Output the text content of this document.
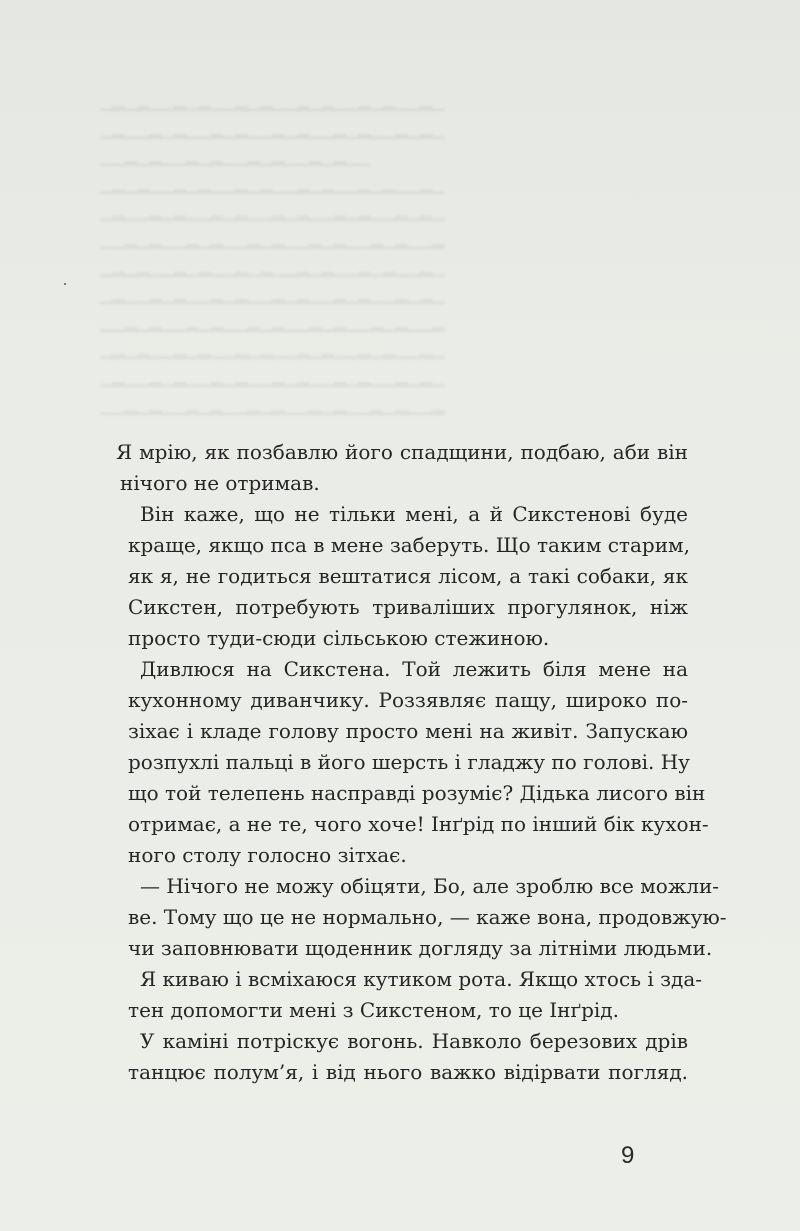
▁▂▁▂▁▁▂▁▂▁▁▂▁▂▁▁▂▁▂▁▁▂▁▂▁▁▂▁
▁▂▁▁▂▁▂▁▁▂▁▂▁▁▂▁▂▁▁▂▁▂▁▁▂▁▂▁
▁▁▂▁▂▁▁▂▁▂▁▁▂▁▂▁▁▂▁▂▁▁
▁▂▁▂▁▁▂▁▂▁▁▂▁▂▁▁▂▁▂▁▁▂▁▂▁▁▂▁
▁▂▁▁▂▁▂▁▁▂▁▂▁▁▂▁▂▁▁▂▁▂▁▁▂▁▂▁
▁▁▂▁▂▁▁▂▁▂▁▁▂▁▂▁▁▂▁▂▁▁▂▁▂▁▁▂
▁▂▁▂▁▁▂▁▂▁▁▂▁▂▁▁▂▁▂▁▁▂▁▂▁▁▂▁
▁▂▁▁▂▁▂▁▁▂▁▂▁▁▂▁▂▁▁▂▁▂▁▁▂▁▂▁
▁▁▂▁▂▁▁▂▁▂▁▁▂▁▂▁▁▂▁▂▁▁▂▁▂▁▁▂
▁▂▁▂▁▁▂▁▂▁▁▂▁▂▁▁▂▁▂▁▁▂▁▂▁▁▂▁
▁▂▁▁▂▁▂▁▁▂▁▂▁▁▂▁▂▁▁▂▁▂▁▁▂▁▂▁
▁▁▂▁▂▁▁▂▁▂▁▁▂▁▂▁▁▂▁▂▁▁▂▁▂▁▁▂

Я мрію, як позбавлю його спадщини, подбаю, аби він
нічого не отримав.

Він каже, що не тільки мені, а й Сикстенові буде
краще, якщо пса в мене заберуть. Що таким старим,
як я, не годиться вештатися лісом, а такі собаки, як
Сикстен, потребують триваліших прогулянок, ніж
просто туди-сюди сільською стежиною.

Дивлюся на Сикстена. Той лежить біля мене на
кухонному диванчику. Роззявляє пащу, широко по-
зіхає і кладе голову просто мені на живіт. Запускаю
розпухлі пальці в його шерсть і гладжу по голові. Ну
що той телепень насправді розуміє? Дідька лисого він
отримає, а не те, чого хоче! Інґрід по інший бік кухон-
ного столу голосно зітхає.

— Нічого не можу обіцяти, Бо, але зроблю все можли-
ве. Тому що це не нормально, — каже вона, продовжую-
чи заповнювати щоденник догляду за літніми людьми.

Я киваю і всміхаюся кутиком рота. Якщо хтось і зда-
тен допомогти мені з Сикстеном, то це Інґрід.

У каміні потріскує вогонь. Навколо березових дрів
танцює полум’я, і від нього важко відірвати погляд.

9
